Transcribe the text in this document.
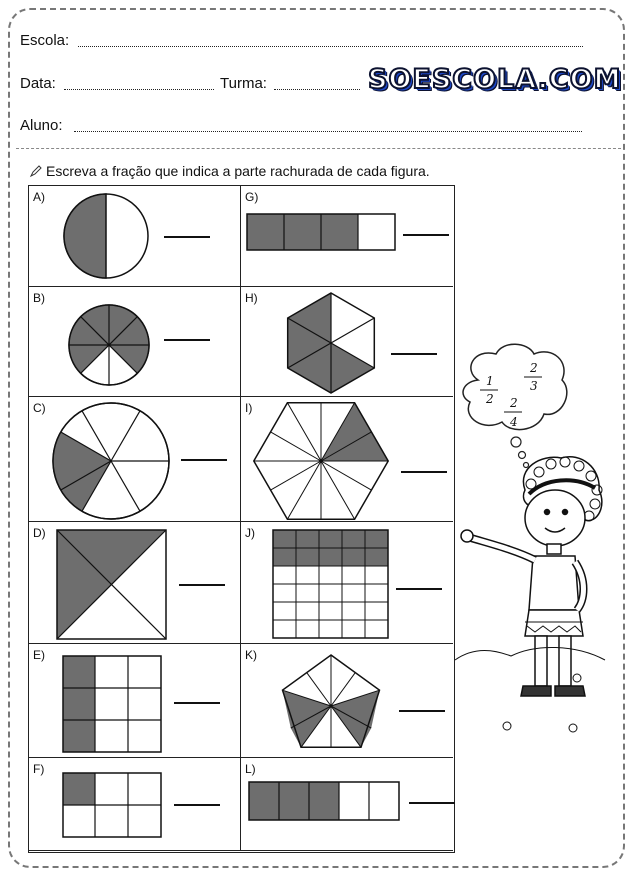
Escola:
Data:	Turma:	SOESCOLA.COM
Aluno:
Escreva a fração que indica a parte rachurada de cada figura.
A)
B)
C)
D)
E)
F)
G)
H)
I)
J)
K)
L)
1
2
2
3
2
4
